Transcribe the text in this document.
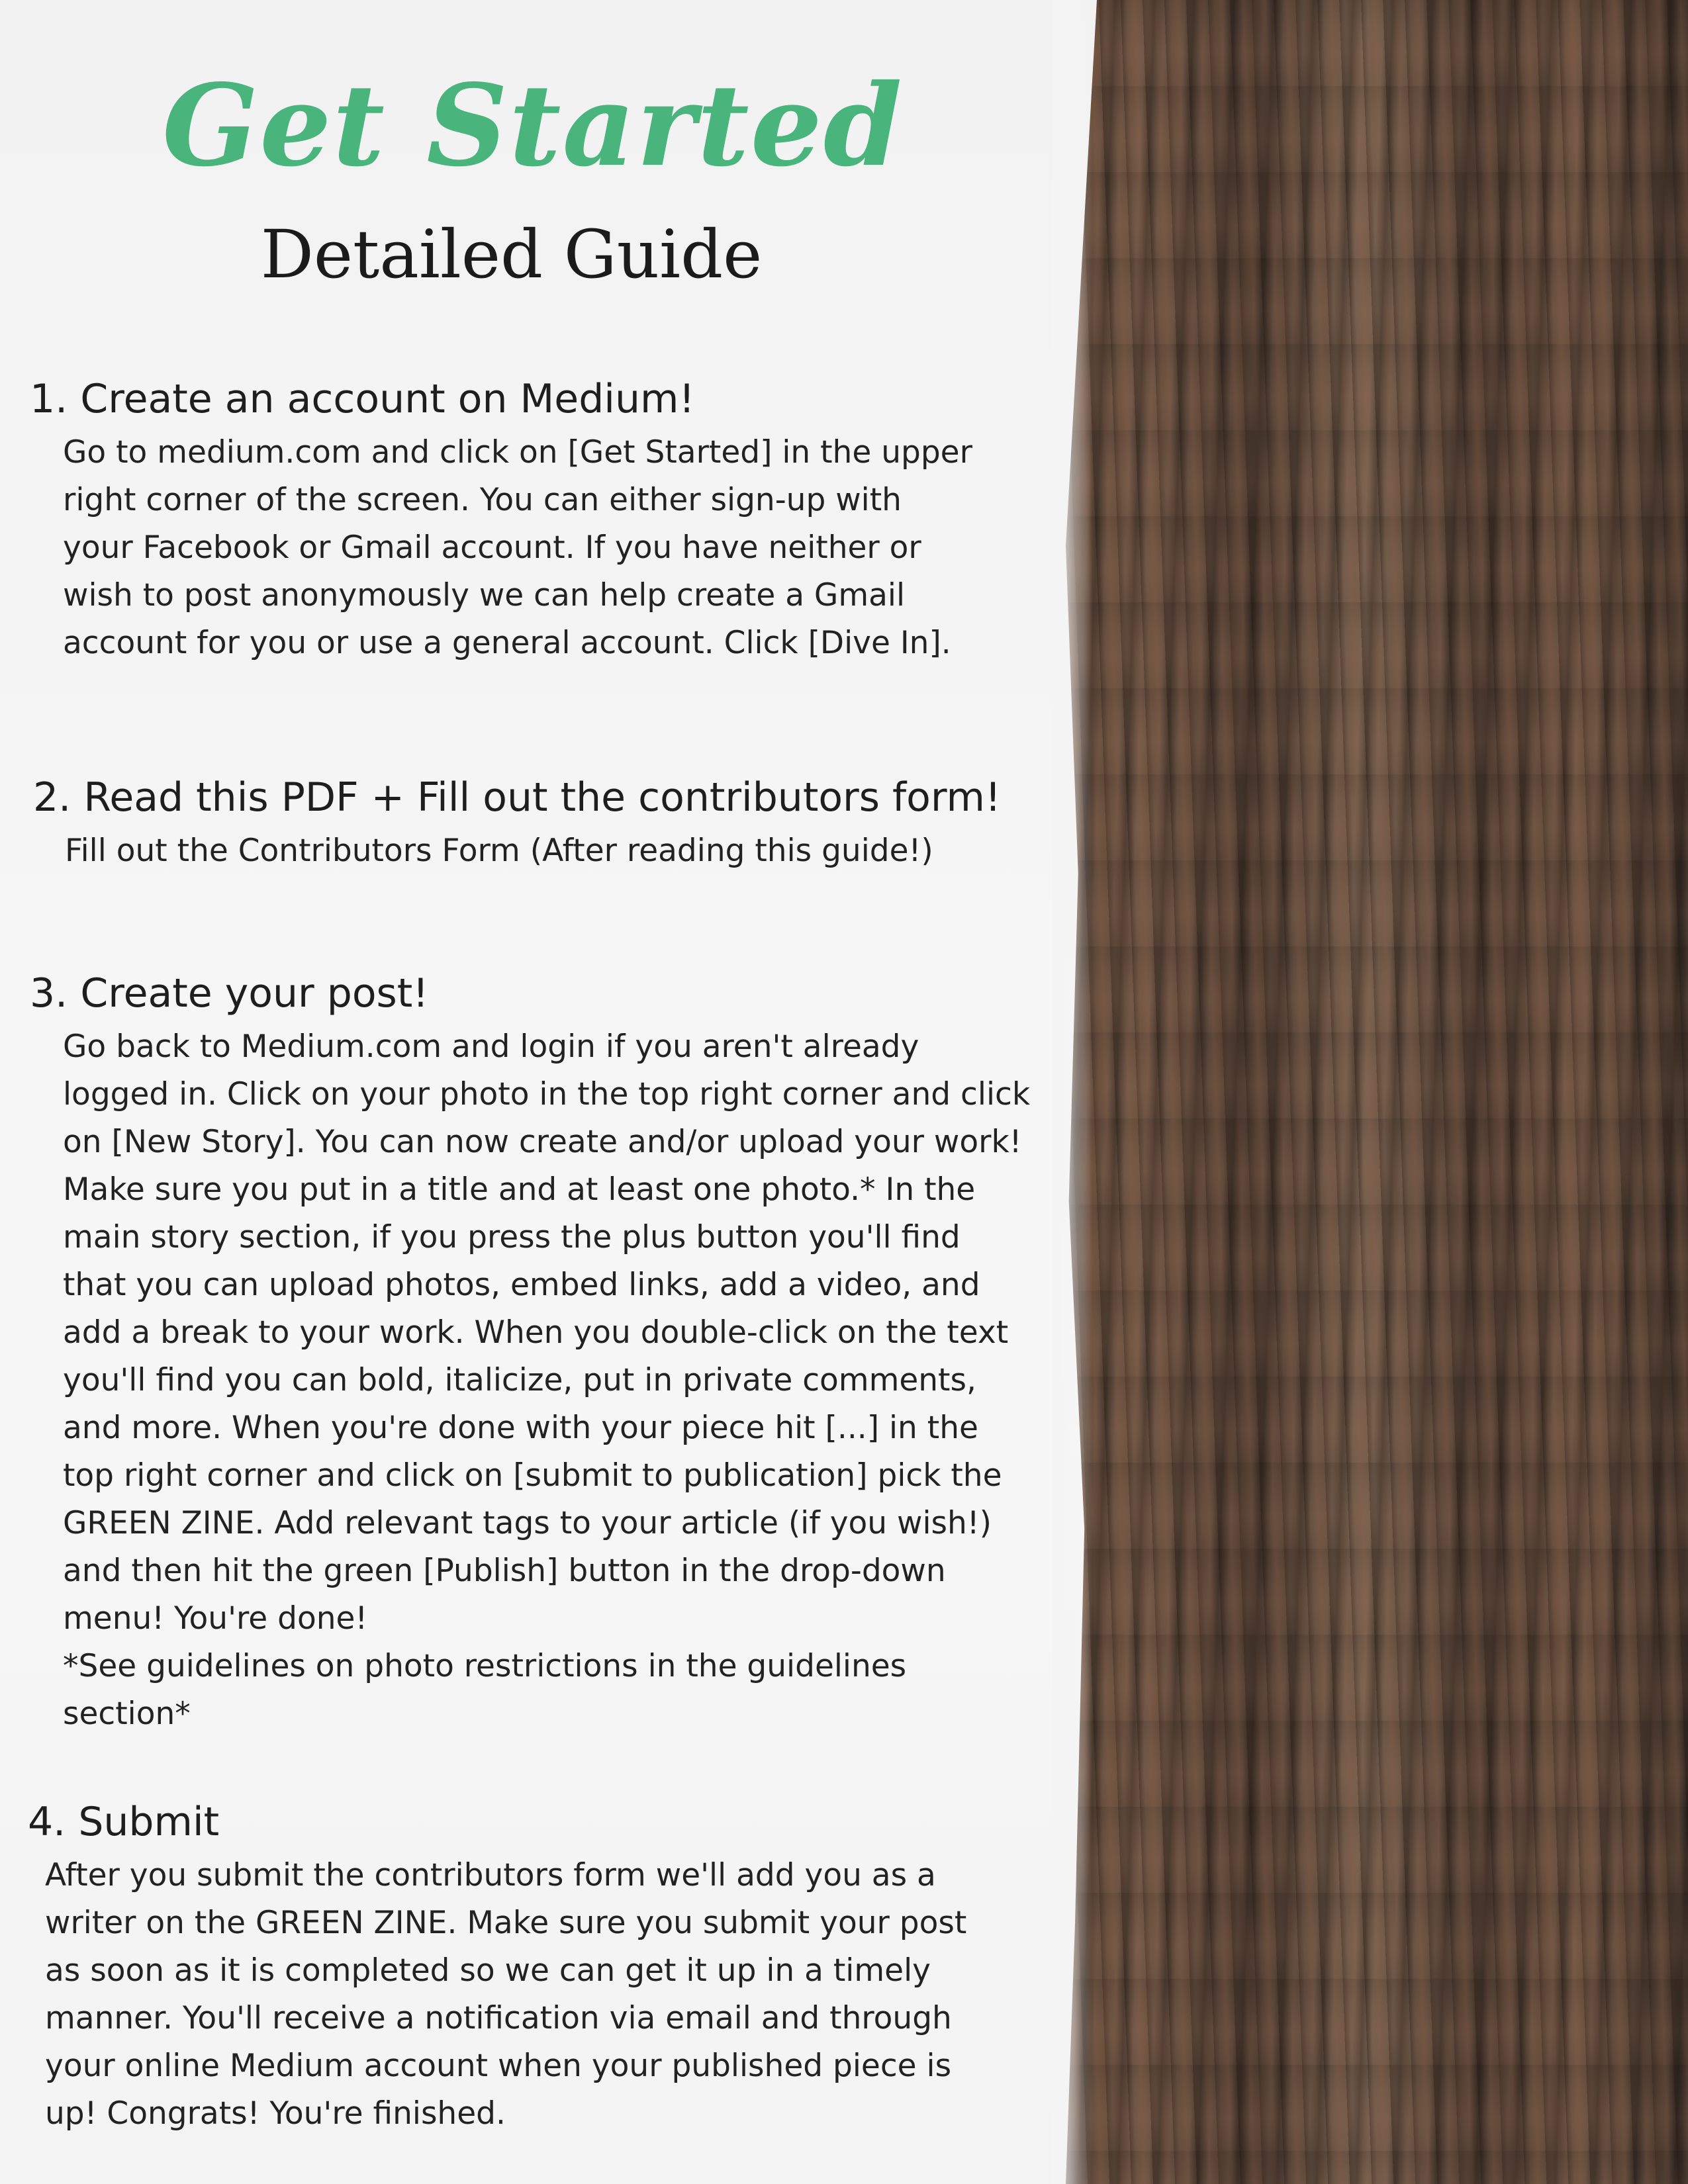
Get Started
Detailed Guide
1. Create an account on Medium!
Go to medium.com and click on [Get Started] in the upper
right corner of the screen. You can either sign-up with
your Facebook or Gmail account. If you have neither or
wish to post anonymously we can help create a Gmail
account for you or use a general account. Click [Dive In].
2. Read this PDF + Fill out the contributors form!
Fill out the Contributors Form (After reading this guide!)
3. Create your post!
Go back to Medium.com and login if you aren't already
logged in. Click on your photo in the top right corner and click
on [New Story]. You can now create and/or upload your work!
Make sure you put in a title and at least one photo.* In the
main story section, if you press the plus button you'll find
that you can upload photos, embed links, add a video, and
add a break to your work. When you double-click on the text
you'll find you can bold, italicize, put in private comments,
and more. When you're done with your piece hit [...] in the
top right corner and click on [submit to publication] pick the
GREEN ZINE. Add relevant tags to your article (if you wish!)
and then hit the green [Publish] button in the drop-down
menu! You're done!
*See guidelines on photo restrictions in the guidelines
section*
4. Submit
After you submit the contributors form we'll add you as a
writer on the GREEN ZINE. Make sure you submit your post
as soon as it is completed so we can get it up in a timely
manner. You'll receive a notification via email and through
your online Medium account when your published piece is
up! Congrats! You're finished.
